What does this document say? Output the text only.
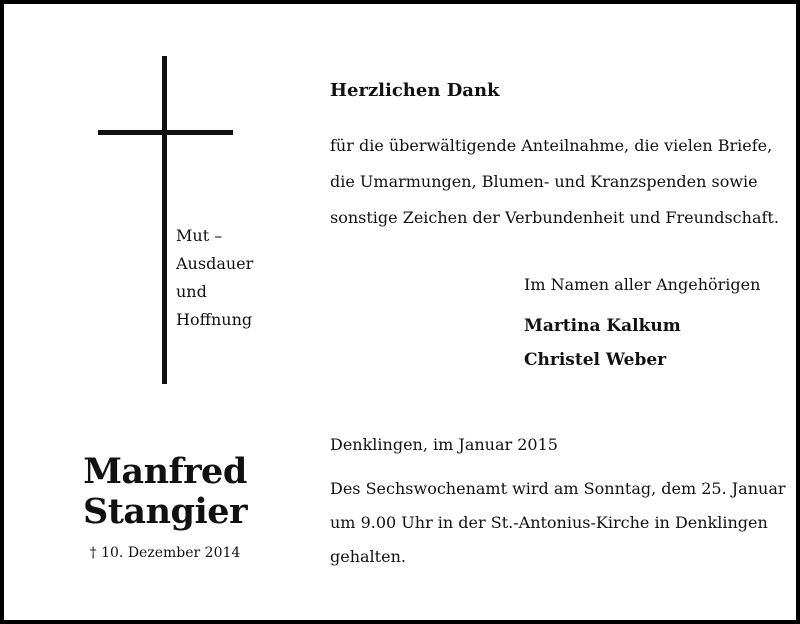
Mut –
Ausdauer
und
Hoffnung
Manfred
Stangier
† 10. Dezember 2014
Herzlichen Dank
für die überwältigende Anteilnahme, die vielen Briefe,
die Umarmungen, Blumen- und Kranzspenden sowie
sonstige Zeichen der Verbundenheit und Freundschaft.
Im Namen aller Angehörigen
Martina Kalkum
Christel Weber
Denklingen, im Januar 2015
Des Sechswochenamt wird am Sonntag, dem 25. Januar
um 9.00 Uhr in der St.-Antonius-Kirche in Denklingen
gehalten.
